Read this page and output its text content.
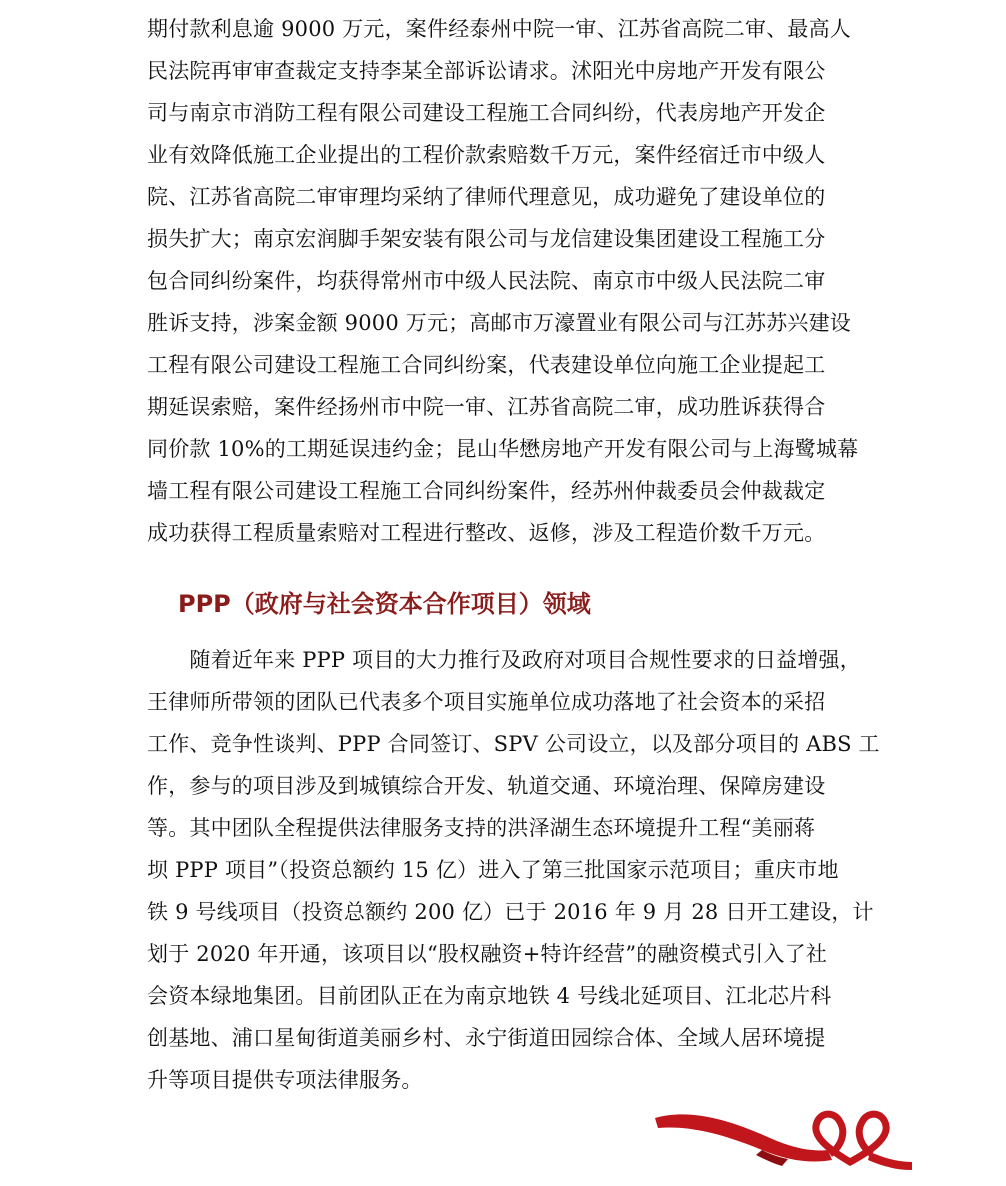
期付款利息逾 9000 万元，案件经泰州中院一审、江苏省高院二审、最高人
民法院再审审查裁定支持李某全部诉讼请求。沭阳光中房地产开发有限公
司与南京市消防工程有限公司建设工程施工合同纠纷，代表房地产开发企
业有效降低施工企业提出的工程价款索赔数千万元，案件经宿迁市中级人
院、江苏省高院二审审理均采纳了律师代理意见，成功避免了建设单位的
损失扩大；南京宏润脚手架安装有限公司与龙信建设集团建设工程施工分
包合同纠纷案件，均获得常州市中级人民法院、南京市中级人民法院二审
胜诉支持，涉案金额 9000 万元；高邮市万濠置业有限公司与江苏苏兴建设
工程有限公司建设工程施工合同纠纷案，代表建设单位向施工企业提起工
期延误索赔，案件经扬州市中院一审、江苏省高院二审，成功胜诉获得合
同价款 10%的工期延误违约金；昆山华懋房地产开发有限公司与上海鹭城幕
墙工程有限公司建设工程施工合同纠纷案件，经苏州仲裁委员会仲裁裁定
成功获得工程质量索赔对工程进行整改、返修，涉及工程造价数千万元。
PPP（政府与社会资本合作项目）领域
　　随着近年来 PPP 项目的大力推行及政府对项目合规性要求的日益增强，
王律师所带领的团队已代表多个项目实施单位成功落地了社会资本的采招
工作、竞争性谈判、PPP 合同签订、SPV 公司设立，以及部分项目的 ABS 工
作，参与的项目涉及到城镇综合开发、轨道交通、环境治理、保障房建设
等。其中团队全程提供法律服务支持的洪泽湖生态环境提升工程“美丽蒋
坝 PPP 项目”（投资总额约 15 亿）进入了第三批国家示范项目；重庆市地
铁 9 号线项目（投资总额约 200 亿）已于 2016 年 9 月 28 日开工建设，计
划于 2020 年开通，该项目以“股权融资+特许经营”的融资模式引入了社
会资本绿地集团。目前团队正在为南京地铁 4 号线北延项目、江北芯片科
创基地、浦口星甸街道美丽乡村、永宁街道田园综合体、全域人居环境提
升等项目提供专项法律服务。
